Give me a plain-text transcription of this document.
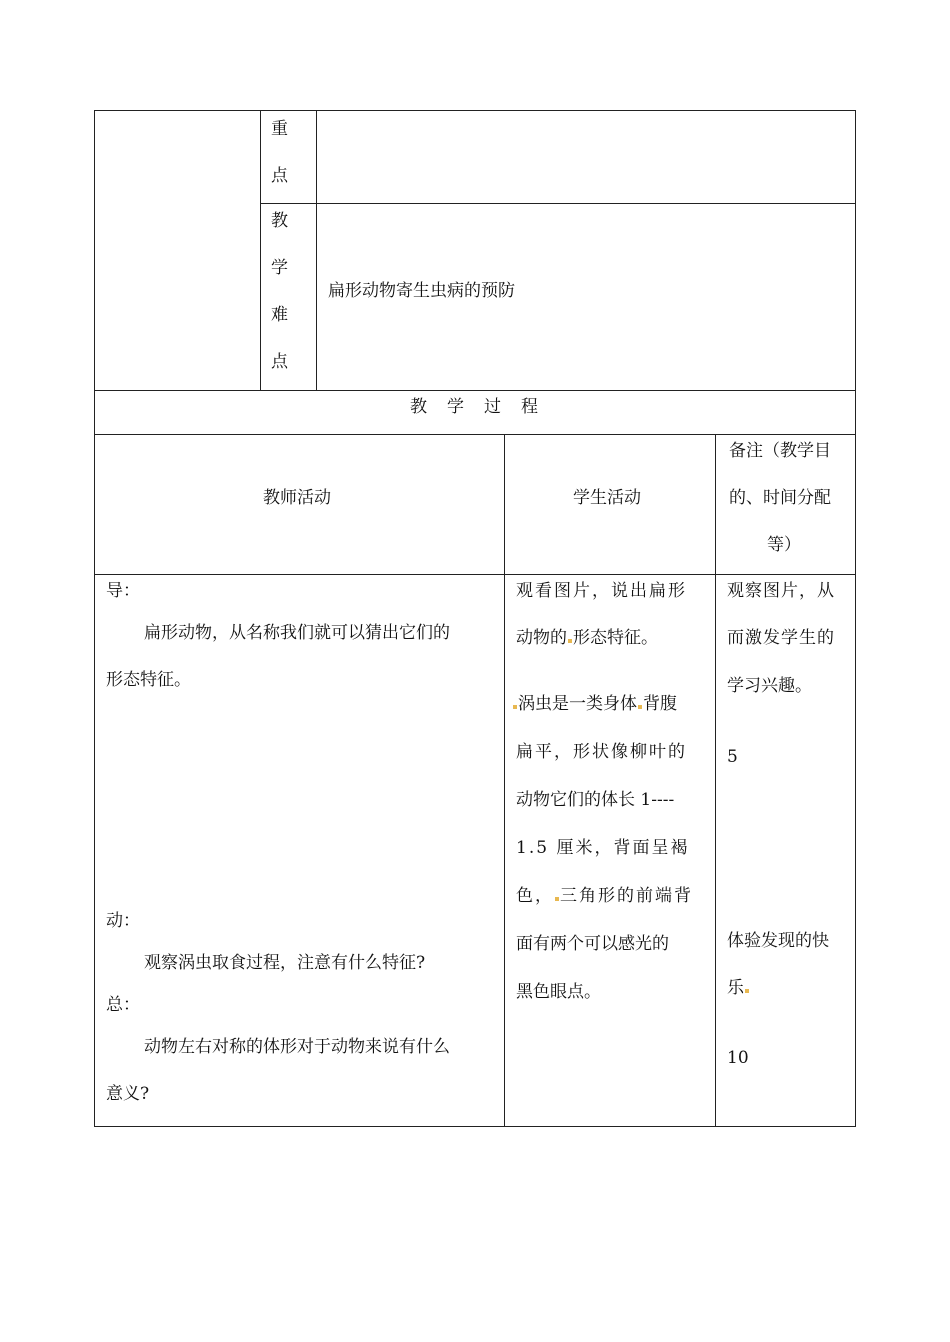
重
点
教
学
难
点
扁形动物寄生虫病的预防
教学过程
教师活动	学生活动
备注（教学目
的、时间分配
等）
导：
扁形动物，从名称我们就可以猜出它们的
形态特征。
动：
观察涡虫取食过程，注意有什么特征?
总：
动物左右对称的体形对于动物来说有什么
意义?
观看图片，说出扁形
动物的 形态特征。
涡虫是一类身体 背腹
扁平，形状像柳叶的
动物它们的体长 1----
1.5 厘米，背面呈褐
色， 三角形的前端背
面有两个可以感光的
黑色眼点。
观察图片，从
而激发学生的
学习兴趣。
5
体验发现的快
乐
10
